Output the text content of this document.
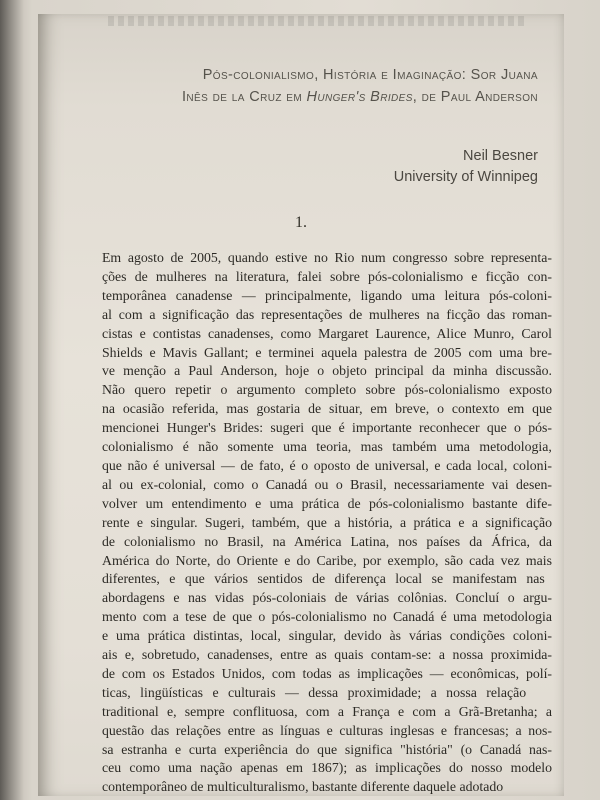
Pós-colonialismo, História e Imaginação: Sor Juana
Inês de la Cruz em Hunger's Brides, de Paul Anderson
Neil Besner
University of Winnipeg
1.
Em agosto de 2005, quando estive no Rio num congresso sobre representa-
ções de mulheres na literatura, falei sobre pós-colonialismo e ficção con-
temporânea canadense — principalmente, ligando uma leitura pós-coloni-
al com a significação das representações de mulheres na ficção das roman-
cistas e contistas canadenses, como Margaret Laurence, Alice Munro, Carol
Shields e Mavis Gallant; e terminei aquela palestra de 2005 com uma bre-
ve menção a Paul Anderson, hoje o objeto principal da minha discussão.
Não quero repetir o argumento completo sobre pós-colonialismo exposto
na ocasião referida, mas gostaria de situar, em breve, o contexto em que
mencionei Hunger's Brides: sugeri que é importante reconhecer que o pós-
colonialismo é não somente uma teoria, mas também uma metodologia,
que não é universal — de fato, é o oposto de universal, e cada local, coloni-
al ou ex-colonial, como o Canadá ou o Brasil, necessariamente vai desen-
volver um entendimento e uma prática de pós-colonialismo bastante dife-
rente e singular. Sugeri, também, que a história, a prática e a significação
de colonialismo no Brasil, na América Latina, nos países da África, da
América do Norte, do Oriente e do Caribe, por exemplo, são cada vez mais
diferentes, e que vários sentidos de diferença local se manifestam nas
abordagens e nas vidas pós-coloniais de várias colônias. Concluí o argu-
mento com a tese de que o pós-colonialismo no Canadá é uma metodologia
e uma prática distintas, local, singular, devido às várias condições coloni-
ais e, sobretudo, canadenses, entre as quais contam-se: a nossa proximida-
de com os Estados Unidos, com todas as implicações — econômicas, polí-
ticas, lingüísticas e culturais — dessa proximidade; a nossa relação
traditional e, sempre conflituosa, com a França e com a Grã-Bretanha; a
questão das relações entre as línguas e culturas inglesas e francesas; a nos-
sa estranha e curta experiência do que significa "história" (o Canadá nas-
ceu como uma nação apenas em 1867); as implicações do nosso modelo
contemporâneo de multiculturalismo, bastante diferente daquele adotado
